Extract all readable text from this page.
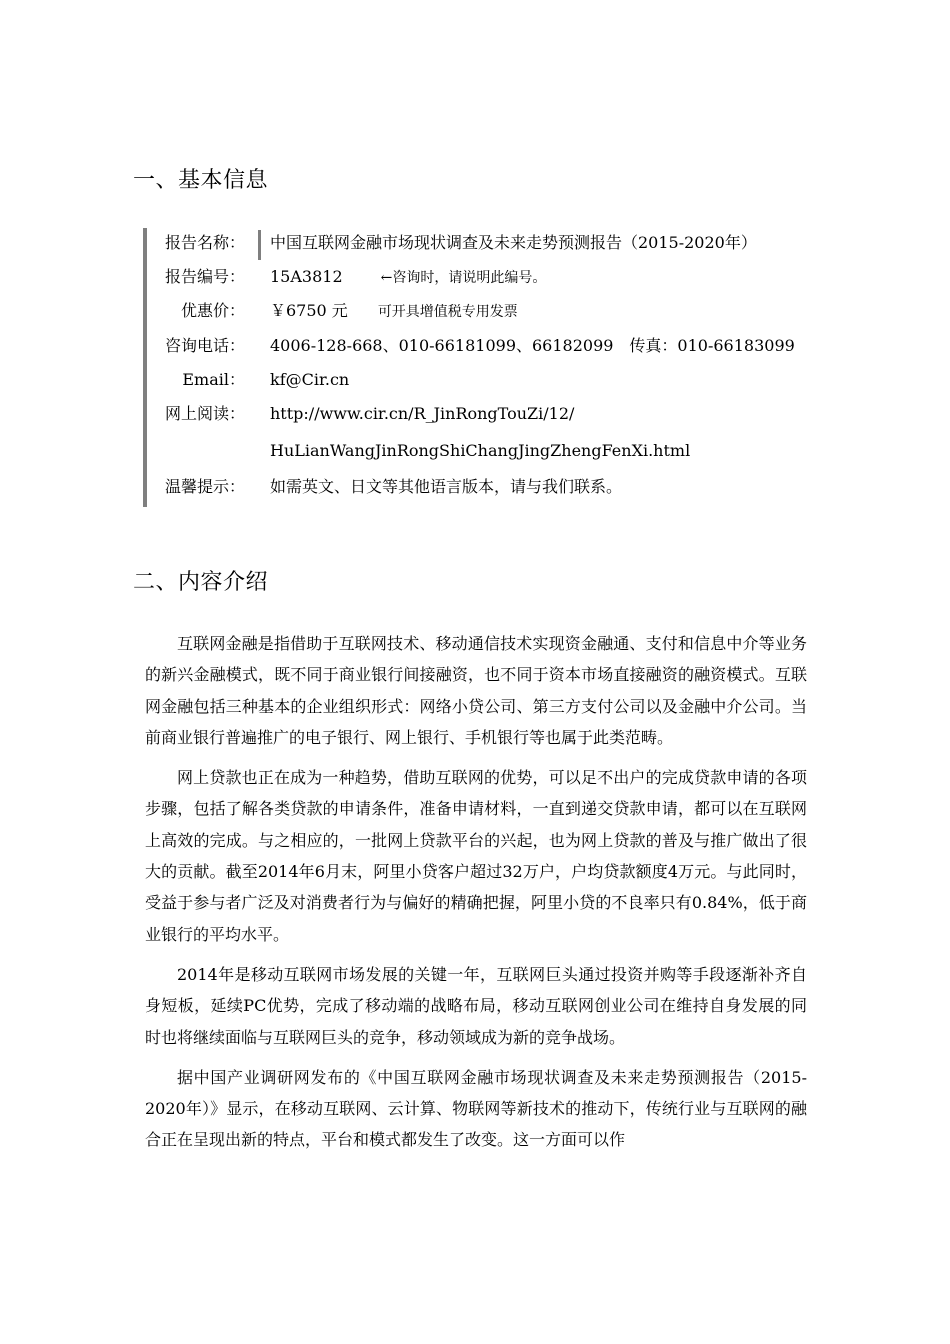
一、基本信息
报告名称： 中国互联网金融市场现状调查及未来走势预测报告（2015-2020年）
报告编号： 15A3812	←咨询时，请说明此编号。
优惠价： ￥6750 元 可开具增值税专用发票
咨询电话： 4006-128-668、010-66181099、66182099　传真：010-66183099
Email： kf@Cir.cn
网上阅读： http://www.cir.cn/R_JinRongTouZi/12/
HuLianWangJinRongShiChangJingZhengFenXi.html
温馨提示： 如需英文、日文等其他语言版本，请与我们联系。
二、内容介绍

互联网金融是指借助于互联网技术、移动通信技术实现资金融通、支付和信息中介等业务的新兴金融模式，既不同于商业银行间接融资，也不同于资本市场直接融资的融资模式。互联网金融包括三种基本的企业组织形式：网络小贷公司、第三方支付公司以及金融中介公司。当前商业银行普遍推广的电子银行、网上银行、手机银行等也属于此类范畴。

网上贷款也正在成为一种趋势，借助互联网的优势，可以足不出户的完成贷款申请的各项步骤，包括了解各类贷款的申请条件，准备申请材料，一直到递交贷款申请，都可以在互联网上高效的完成。与之相应的，一批网上贷款平台的兴起，也为网上贷款的普及与推广做出了很大的贡献。截至2014年6月末，阿里小贷客户超过32万户，户均贷款额度4万元。与此同时，受益于参与者广泛及对消费者行为与偏好的精确把握，阿里小贷的不良率只有0.84%，低于商业银行的平均水平。

2014年是移动互联网市场发展的关键一年，互联网巨头通过投资并购等手段逐渐补齐自身短板，延续PC优势，完成了移动端的战略布局，移动互联网创业公司在维持自身发展的同时也将继续面临与互联网巨头的竞争，移动领域成为新的竞争战场。

据中国产业调研网发布的《中国互联网金融市场现状调查及未来走势预测报告（2015-2020年）》显示，在移动互联网、云计算、物联网等新技术的推动下，传统行业与互联网的融合正在呈现出新的特点，平台和模式都发生了改变。这一方面可以作
